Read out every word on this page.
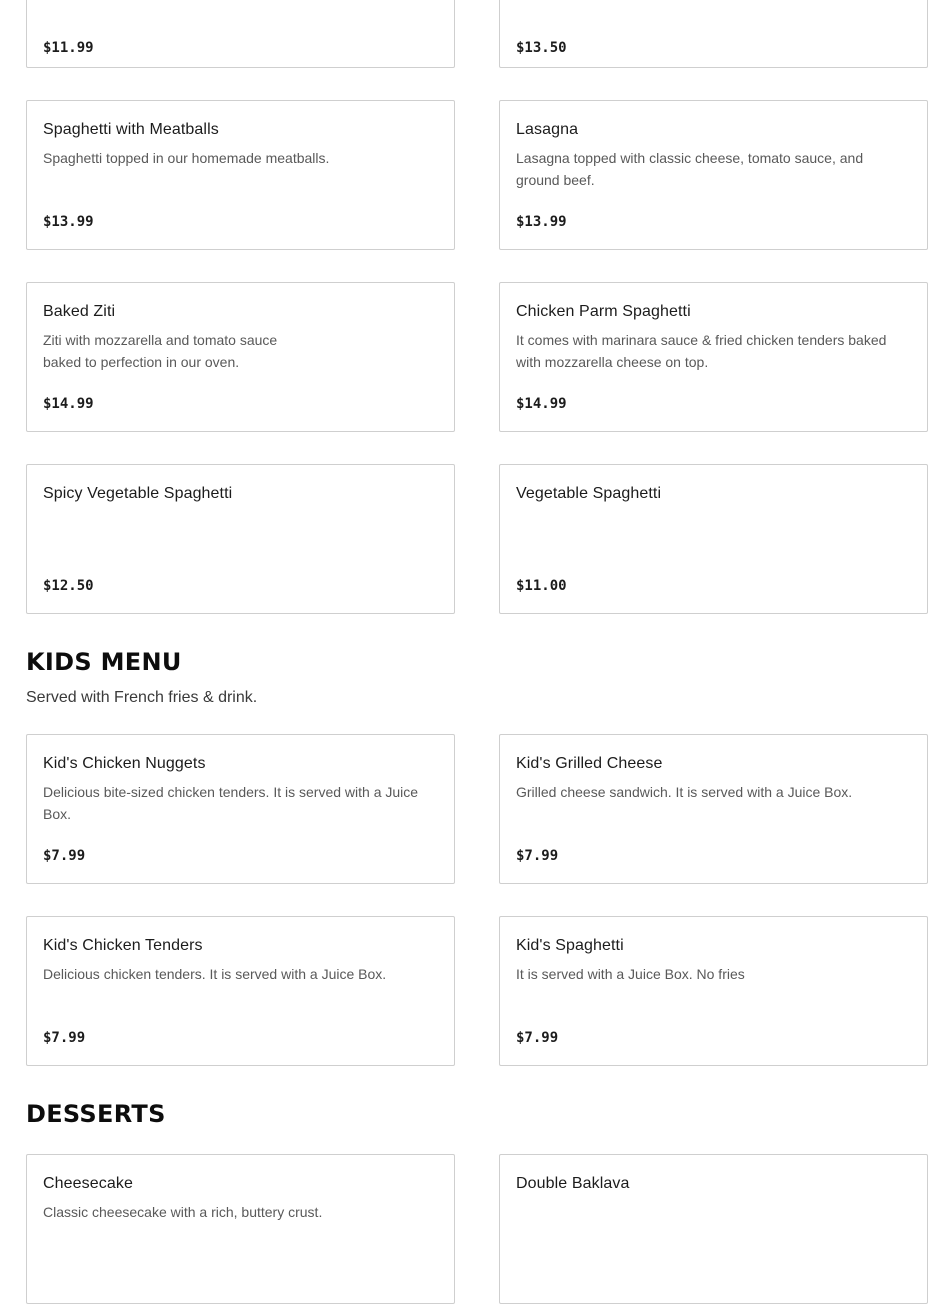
$11.99	$13.50
Spaghetti with Meatballs

Spaghetti topped in our homemade meatballs.

$13.99
Lasagna

Lasagna topped with classic cheese, tomato sauce, and ground beef.

$13.99
Baked Ziti

Ziti with mozzarella and tomato sauce baked to perfection in our oven.

$14.99
Chicken Parm Spaghetti

It comes with marinara sauce & fried chicken tenders baked with mozzarella cheese on top.

$14.99
Spicy Vegetable Spaghetti

$12.50
Vegetable Spaghetti

$11.00
KIDS MENU

Served with French fries & drink.

Kid's Chicken Nuggets

Delicious bite-sized chicken tenders. It is served with a Juice Box.

$7.99
Kid's Grilled Cheese

Grilled cheese sandwich. It is served with a Juice Box.

$7.99
Kid's Chicken Tenders

Delicious chicken tenders. It is served with a Juice Box.

$7.99
Kid's Spaghetti

It is served with a Juice Box. No fries

$7.99
DESSERTS
Cheesecake

Classic cheesecake with a rich, buttery crust.

Double Baklava
